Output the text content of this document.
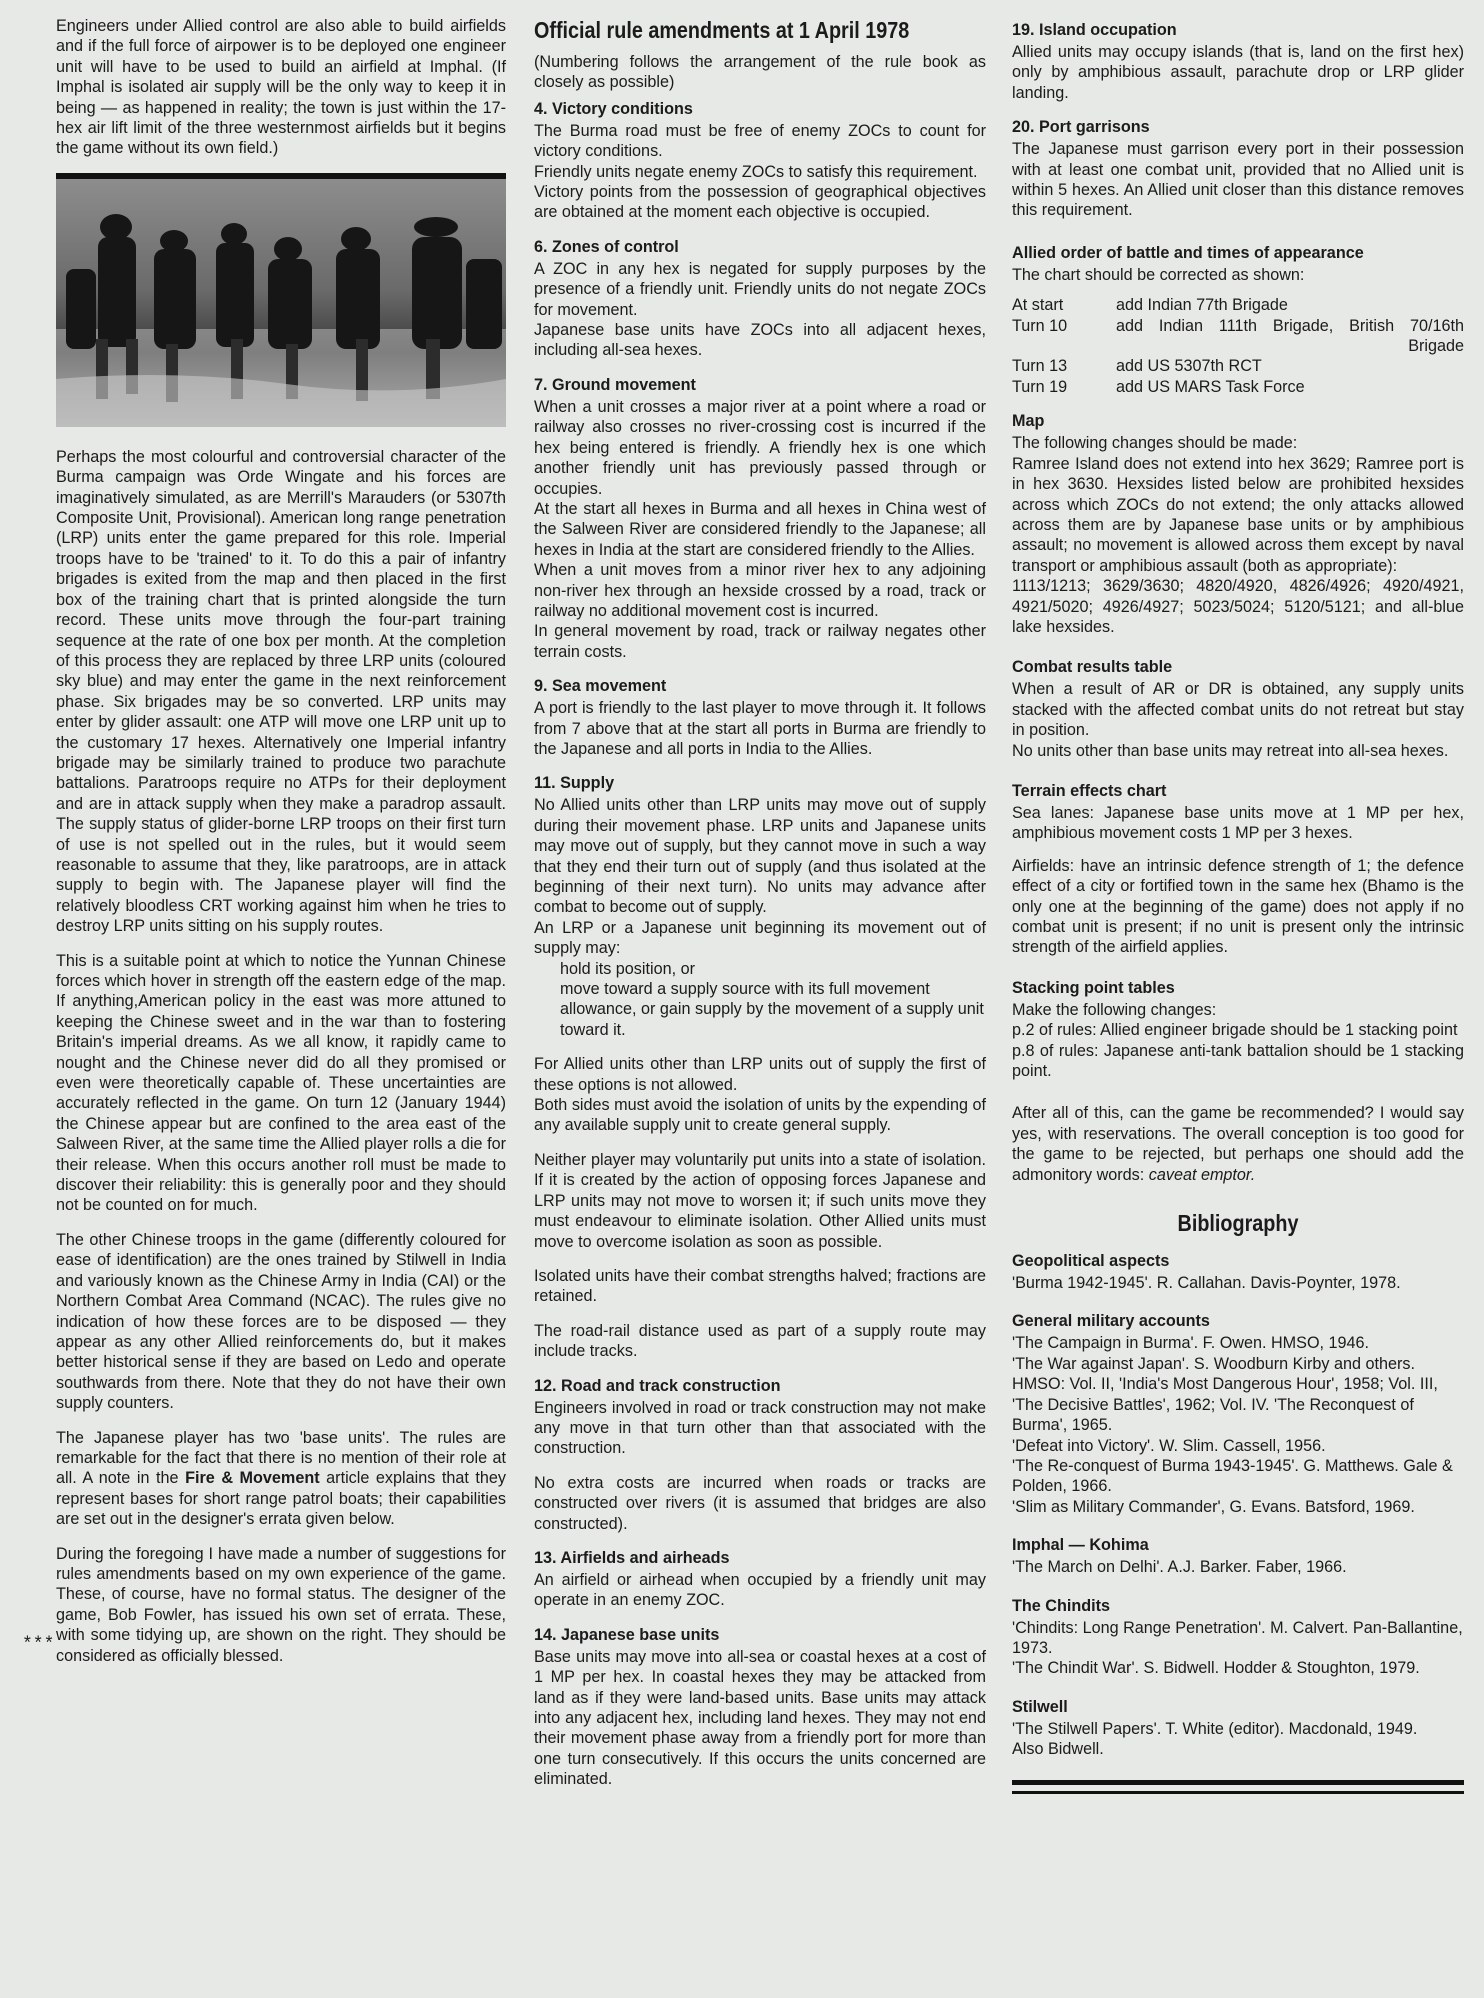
Engineers under Allied control are also able to build airfields and if the full force of airpower is to be deployed one engineer unit will have to be used to build an airfield at Imphal. (If Imphal is isolated air supply will be the only way to keep it in being — as happened in reality; the town is just within the 17-hex air lift limit of the three westernmost airfields but it begins the game without its own field.)

Perhaps the most colourful and controversial character of the Burma campaign was Orde Wingate and his forces are imaginatively simulated, as are Merrill's Marauders (or 5307th Composite Unit, Provisional). American long range penetration (LRP) units enter the game prepared for this role. Imperial troops have to be 'trained' to it. To do this a pair of infantry brigades is exited from the map and then placed in the first box of the training chart that is printed alongside the turn record. These units move through the four-part training sequence at the rate of one box per month. At the completion of this process they are replaced by three LRP units (coloured sky blue) and may enter the game in the next reinforcement phase. Six brigades may be so converted. LRP units may enter by glider assault: one ATP will move one LRP unit up to the customary 17 hexes. Alternatively one Imperial infantry brigade may be similarly trained to produce two parachute battalions. Paratroops require no ATPs for their deployment and are in attack supply when they make a paradrop assault. The supply status of glider-borne LRP troops on their first turn of use is not spelled out in the rules, but it would seem reasonable to assume that they, like paratroops, are in attack supply to begin with. The Japanese player will find the relatively bloodless CRT working against him when he tries to destroy LRP units sitting on his supply routes.

This is a suitable point at which to notice the Yunnan Chinese forces which hover in strength off the eastern edge of the map. If anything,American policy in the east was more attuned to keeping the Chinese sweet and in the war than to fostering Britain's imperial dreams. As we all know, it rapidly came to nought and the Chinese never did do all they promised or even were theoretically capable of. These uncertainties are accurately reflected in the game. On turn 12 (January 1944) the Chinese appear but are confined to the area east of the Salween River, at the same time the Allied player rolls a die for their release. When this occurs another roll must be made to discover their reliability: this is generally poor and they should not be counted on for much.

The other Chinese troops in the game (differently coloured for ease of identification) are the ones trained by Stilwell in India and variously known as the Chinese Army in India (CAI) or the Northern Combat Area Command (NCAC). The rules give no indication of how these forces are to be disposed — they appear as any other Allied reinforcements do, but it makes better historical sense if they are based on Ledo and operate southwards from there. Note that they do not have their own supply counters.

The Japanese player has two 'base units'. The rules are remarkable for the fact that there is no mention of their role at all. A note in the Fire & Movement article explains that they represent bases for short range patrol boats; their capabilities are set out in the designer's errata given below.

During the foregoing I have made a number of suggestions for rules amendments based on my own experience of the game. These, of course, have no formal status. The designer of the game, Bob Fowler, has issued his own set of errata. These, with some tidying up, are shown on the right. They should be considered as officially blessed.

***
Official rule amendments at 1 April 1978

(Numbering follows the arrangement of the rule book as closely as possible)

4. Victory conditions

The Burma road must be free of enemy ZOCs to count for victory conditions.
Friendly units negate enemy ZOCs to satisfy this requirement.
Victory points from the possession of geographical objectives are obtained at the moment each objective is occupied.

6. Zones of control

A ZOC in any hex is negated for supply purposes by the presence of a friendly unit. Friendly units do not negate ZOCs for movement.
Japanese base units have ZOCs into all adjacent hexes, including all-sea hexes.

7. Ground movement

When a unit crosses a major river at a point where a road or railway also crosses no river-crossing cost is incurred if the hex being entered is friendly. A friendly hex is one which another friendly unit has previously passed through or occupies.
At the start all hexes in Burma and all hexes in China west of the Salween River are considered friendly to the Japanese; all hexes in India at the start are considered friendly to the Allies.
When a unit moves from a minor river hex to any adjoining non-river hex through an hexside crossed by a road, track or railway no additional movement cost is incurred.
In general movement by road, track or railway negates other terrain costs.

9. Sea movement

A port is friendly to the last player to move through it. It follows from 7 above that at the start all ports in Burma are friendly to the Japanese and all ports in India to the Allies.

11. Supply

No Allied units other than LRP units may move out of supply during their movement phase. LRP units and Japanese units may move out of supply, but they cannot move in such a way that they end their turn out of supply (and thus isolated at the beginning of their next turn). No units may advance after combat to become out of supply.
An LRP or a Japanese unit beginning its movement out of supply may:

hold its position, or

move toward a supply source with its full movement allowance, or gain supply by the movement of a supply unit toward it.

For Allied units other than LRP units out of supply the first of these options is not allowed.
Both sides must avoid the isolation of units by the expending of any available supply unit to create general supply.

Neither player may voluntarily put units into a state of isolation. If it is created by the action of opposing forces Japanese and LRP units may not move to worsen it; if such units move they must endeavour to eliminate isolation. Other Allied units must move to overcome isolation as soon as possible.

Isolated units have their combat strengths halved; fractions are retained.

The road-rail distance used as part of a supply route may include tracks.

12. Road and track construction

Engineers involved in road or track construction may not make any move in that turn other than that associated with the construction.

No extra costs are incurred when roads or tracks are constructed over rivers (it is assumed that bridges are also constructed).

13. Airfields and airheads

An airfield or airhead when occupied by a friendly unit may operate in an enemy ZOC.

14. Japanese base units

Base units may move into all-sea or coastal hexes at a cost of 1 MP per hex. In coastal hexes they may be attacked from land as if they were land-based units. Base units may attack into any adjacent hex, including land hexes. They may not end their movement phase away from a friendly port for more than one turn consecutively. If this occurs the units concerned are eliminated.

19. Island occupation

Allied units may occupy islands (that is, land on the first hex) only by amphibious assault, parachute drop or LRP glider landing.

20. Port garrisons

The Japanese must garrison every port in their possession with at least one combat unit, provided that no Allied unit is within 5 hexes. An Allied unit closer than this distance removes this requirement.

Allied order of battle and times of appearance

The chart should be corrected as shown:

At start	add Indian 77th Brigade
Turn 10	add Indian 111th Brigade, British 70/16th Brigade
Turn 13	add US 5307th RCT
Turn 19	add US MARS Task Force
Map

The following changes should be made:
Ramree Island does not extend into hex 3629; Ramree port is in hex 3630. Hexsides listed below are prohibited hexsides across which ZOCs do not extend; the only attacks allowed across them are by Japanese base units or by amphibious assault; no movement is allowed across them except by naval transport or amphibious assault (both as appropriate):
1113/1213; 3629/3630; 4820/4920, 4826/4926; 4920/4921, 4921/5020; 4926/4927; 5023/5024; 5120/5121; and all-blue lake hexsides.

Combat results table

When a result of AR or DR is obtained, any supply units stacked with the affected combat units do not retreat but stay in position.
No units other than base units may retreat into all-sea hexes.

Terrain effects chart

Sea lanes: Japanese base units move at 1 MP per hex, amphibious movement costs 1 MP per 3 hexes.

Airfields: have an intrinsic defence strength of 1; the defence effect of a city or fortified town in the same hex (Bhamo is the only one at the beginning of the game) does not apply if no combat unit is present; if no unit is present only the intrinsic strength of the airfield applies.

Stacking point tables

Make the following changes:
p.2 of rules: Allied engineer brigade should be 1 stacking point
p.8 of rules: Japanese anti-tank battalion should be 1 stacking point.

After all of this, can the game be recommended? I would say yes, with reservations. The overall conception is too good for the game to be rejected, but perhaps one should add the admonitory words: caveat emptor.

Bibliography
Geopolitical aspects

'Burma 1942-1945'. R. Callahan. Davis-Poynter, 1978.

General military accounts

'The Campaign in Burma'. F. Owen. HMSO, 1946.

'The War against Japan'. S. Woodburn Kirby and others. HMSO: Vol. II, 'India's Most Dangerous Hour', 1958; Vol. III, 'The Decisive Battles', 1962; Vol. IV. 'The Reconquest of Burma', 1965.

'Defeat into Victory'. W. Slim. Cassell, 1956.

'The Re-conquest of Burma 1943-1945'. G. Matthews. Gale & Polden, 1966.

'Slim as Military Commander', G. Evans. Batsford, 1969.

Imphal — Kohima

'The March on Delhi'. A.J. Barker. Faber, 1966.

The Chindits

'Chindits: Long Range Penetration'. M. Calvert. Pan-Ballantine, 1973.

'The Chindit War'. S. Bidwell. Hodder & Stoughton, 1979.

Stilwell

'The Stilwell Papers'. T. White (editor). Macdonald, 1949.

Also Bidwell.
